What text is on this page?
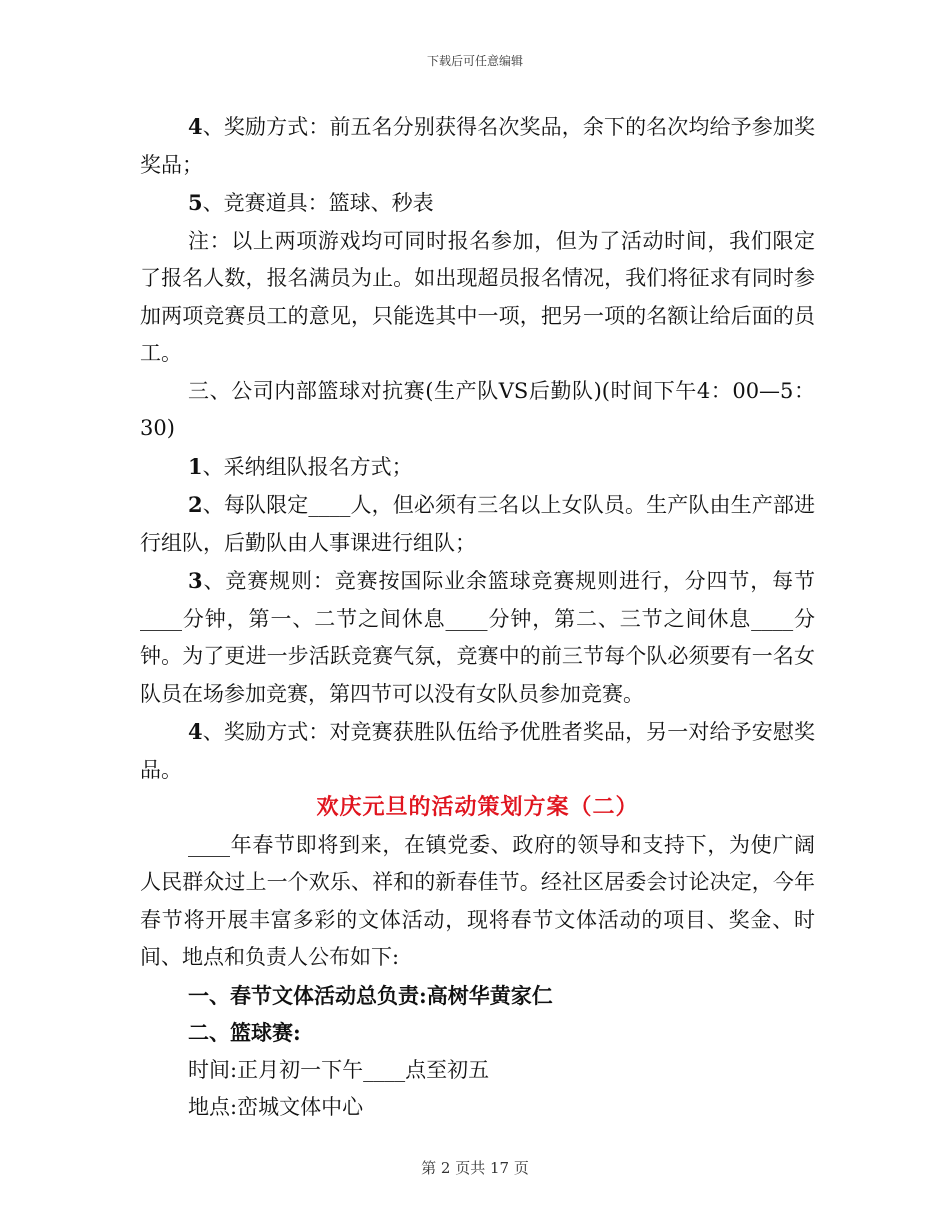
下载后可任意编辑

4、奖励方式：前五名分别获得名次奖品，余下的名次均给予参加奖奖品；

5、竞赛道具：篮球、秒表

注：以上两项游戏均可同时报名参加，但为了活动时间，我们限定了报名人数，报名满员为止。如出现超员报名情况，我们将征求有同时参加两项竞赛员工的意见，只能选其中一项，把另一项的名额让给后面的员工。

三、公司内部篮球对抗赛(生产队VS后勤队)(时间下午4：00—5：30)

1、采纳组队报名方式；

2、每队限定____人，但必须有三名以上女队员。生产队由生产部进行组队，后勤队由人事课进行组队；

3、竞赛规则：竞赛按国际业余篮球竞赛规则进行，分四节，每节____分钟，第一、二节之间休息____分钟，第二、三节之间休息____分钟。为了更进一步活跃竞赛气氛，竞赛中的前三节每个队必须要有一名女队员在场参加竞赛，第四节可以没有女队员参加竞赛。

4、奖励方式：对竞赛获胜队伍给予优胜者奖品，另一对给予安慰奖品。

欢庆元旦的活动策划方案（二）

____年春节即将到来，在镇党委、政府的领导和支持下，为使广阔人民群众过上一个欢乐、祥和的新春佳节。经社区居委会讨论决定，今年春节将开展丰富多彩的文体活动，现将春节文体活动的项目、奖金、时间、地点和负责人公布如下:

一、春节文体活动总负责:高树华黄家仁

二、篮球赛:

时间:正月初一下午____点至初五

地点:峦城文体中心

第 2 页共 17 页
